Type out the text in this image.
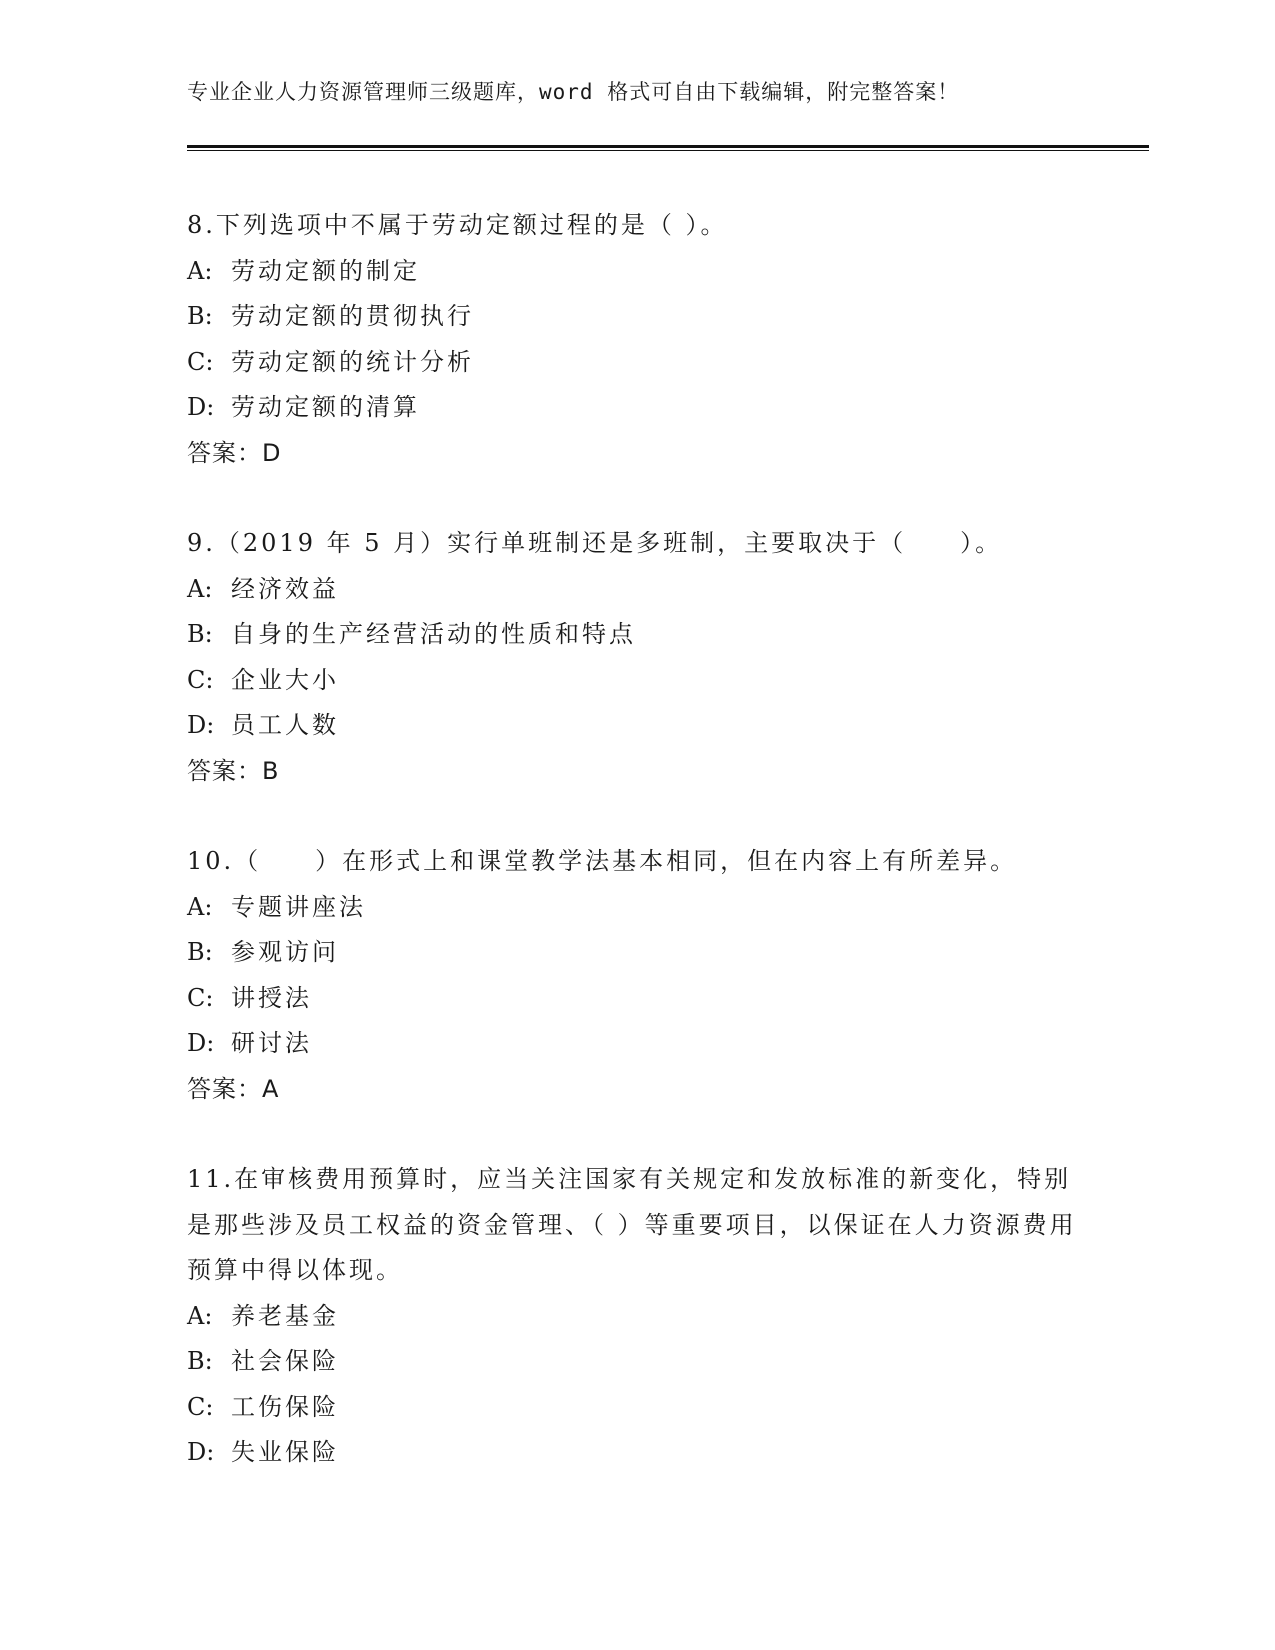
专业企业人力资源管理师三级题库，word 格式可自由下载编辑，附完整答案！
8.下列选项中不属于劳动定额过程的是（ ）。
A: 劳动定额的制定
B: 劳动定额的贯彻执行
C: 劳动定额的统计分析
D: 劳动定额的清算
答案：D
9.（2019 年 5 月）实行单班制还是多班制，主要取决于（　　）。
A: 经济效益
B: 自身的生产经营活动的性质和特点
C: 企业大小
D: 员工人数
答案：B
10.（　　）在形式上和课堂教学法基本相同，但在内容上有所差异。
A: 专题讲座法
B: 参观访问
C: 讲授法
D: 研讨法
答案：A
11.在审核费用预算时，应当关注国家有关规定和发放标准的新变化，特别是那些涉及员工权益的资金管理、（ ）等重要项目，以保证在人力资源费用预算中得以体现。
A: 养老基金
B: 社会保险
C: 工伤保险
D: 失业保险
